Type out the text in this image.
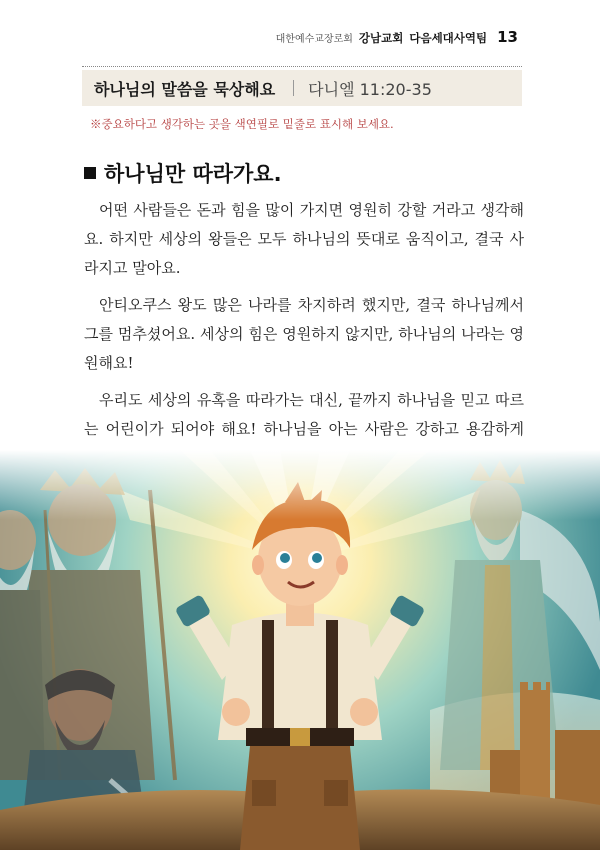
대한예수교장로회 강남교회 다음세대사역팀 13
하나님의 말씀을 묵상해요 다니엘 11:20-35
※중요하다고 생각하는 곳을 색연필로 밑줄로 표시해 보세요.
하나님만 따라가요.

어떤 사람들은 돈과 힘을 많이 가지면 영원히 강할 거라고 생각해요. 하지만 세상의 왕들은 모두 하나님의 뜻대로 움직이고, 결국 사라지고 말아요.

안티오쿠스 왕도 많은 나라를 차지하려 했지만, 결국 하나님께서 그를 멈추셨어요. 세상의 힘은 영원하지 않지만, 하나님의 나라는 영원해요!

우리도 세상의 유혹을 따라가는 대신, 끝까지 하나님을 믿고 따르는 어린이가 되어야 해요! 하나님을 아는 사람은 강하고 용감하게
